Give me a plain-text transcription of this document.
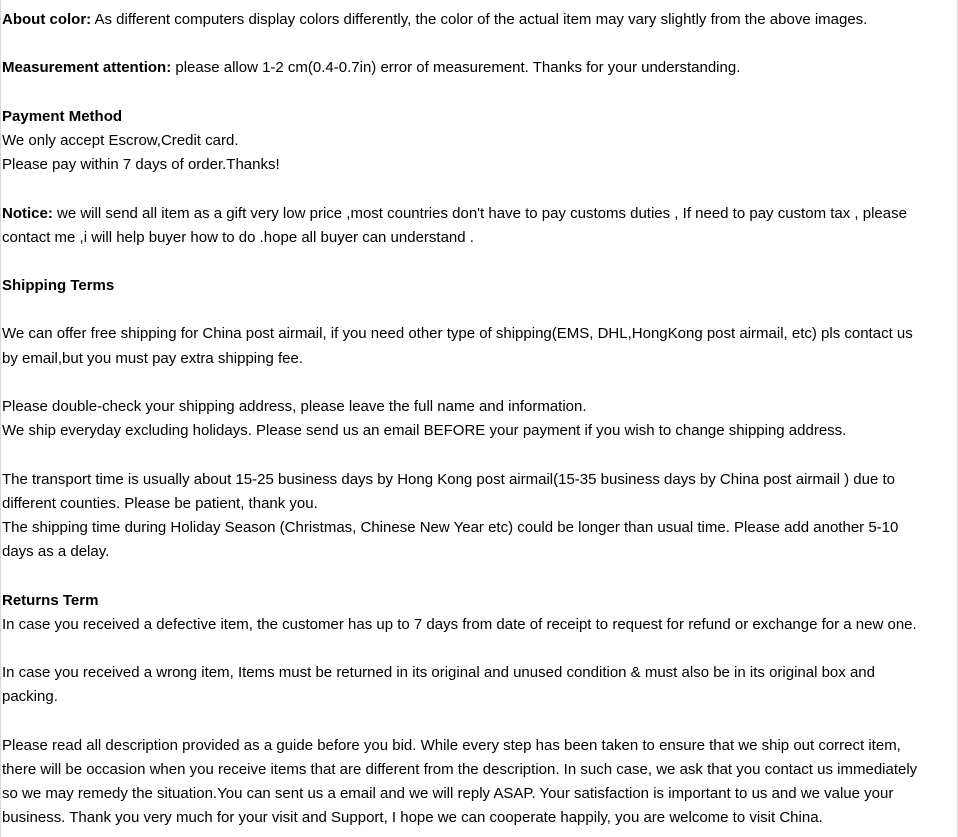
About color: As different computers display colors differently, the color of the actual item may vary slightly from the above images.
Measurement attention: please allow 1-2 cm(0.4-0.7in) error of measurement. Thanks for your understanding.
Payment Method
We only accept Escrow,Credit card.
Please pay within 7 days of order.Thanks!
Notice: we will send all item as a gift very low price ,most countries don't have to pay customs duties , If need to pay custom tax , please
contact me ,i will help buyer how to do .hope all buyer can understand .
Shipping Terms
We can offer free shipping for China post airmail, if you need other type of shipping(EMS, DHL,HongKong post airmail, etc) pls contact us
by email,but you must pay extra shipping fee.
Please double-check your shipping address, please leave the full name and information.
We ship everyday excluding holidays. Please send us an email BEFORE your payment if you wish to change shipping address.
The transport time is usually about 15-25 business days by Hong Kong post airmail(15-35 business days by China post airmail ) due to
different counties. Please be patient, thank you.
The shipping time during Holiday Season (Christmas, Chinese New Year etc) could be longer than usual time. Please add another 5-10
days as a delay.
Returns Term
In case you received a defective item, the customer has up to 7 days from date of receipt to request for refund or exchange for a new one.
In case you received a wrong item, Items must be returned in its original and unused condition & must also be in its original box and
packing.
Please read all description provided as a guide before you bid. While every step has been taken to ensure that we ship out correct item,
there will be occasion when you receive items that are different from the description. In such case, we ask that you contact us immediately
so we may remedy the situation.You can sent us a email and we will reply ASAP. Your satisfaction is important to us and we value your
business. Thank you very much for your visit and Support, I hope we can cooperate happily, you are welcome to visit China.
